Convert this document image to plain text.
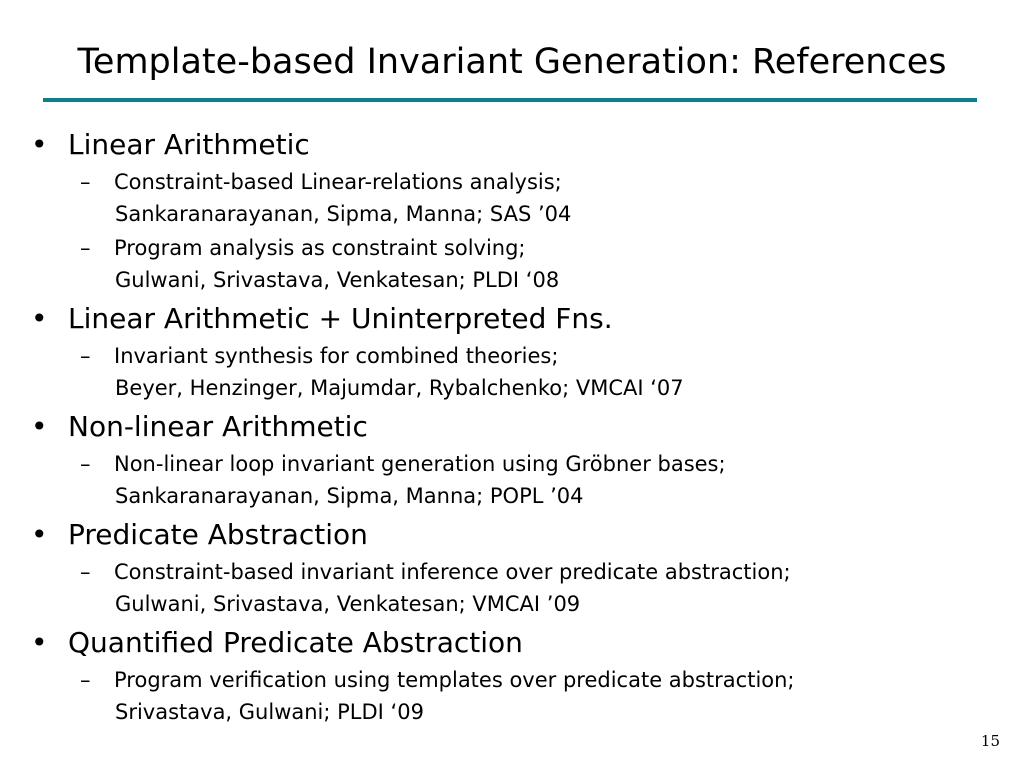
Template-based Invariant Generation: References
• Linear Arithmetic
– Constraint-based Linear-relations analysis;
Sankaranarayanan, Sipma, Manna; SAS ’04
– Program analysis as constraint solving;
Gulwani, Srivastava, Venkatesan; PLDI ‘08
• Linear Arithmetic + Uninterpreted Fns.
– Invariant synthesis for combined theories;
Beyer, Henzinger, Majumdar, Rybalchenko; VMCAI ‘07
• Non-linear Arithmetic
– Non-linear loop invariant generation using Gröbner bases;
Sankaranarayanan, Sipma, Manna; POPL ’04
• Predicate Abstraction
– Constraint-based invariant inference over predicate abstraction;
Gulwani, Srivastava, Venkatesan; VMCAI ’09
• Quantified Predicate Abstraction
– Program verification using templates over predicate abstraction;
Srivastava, Gulwani; PLDI ‘09
15
